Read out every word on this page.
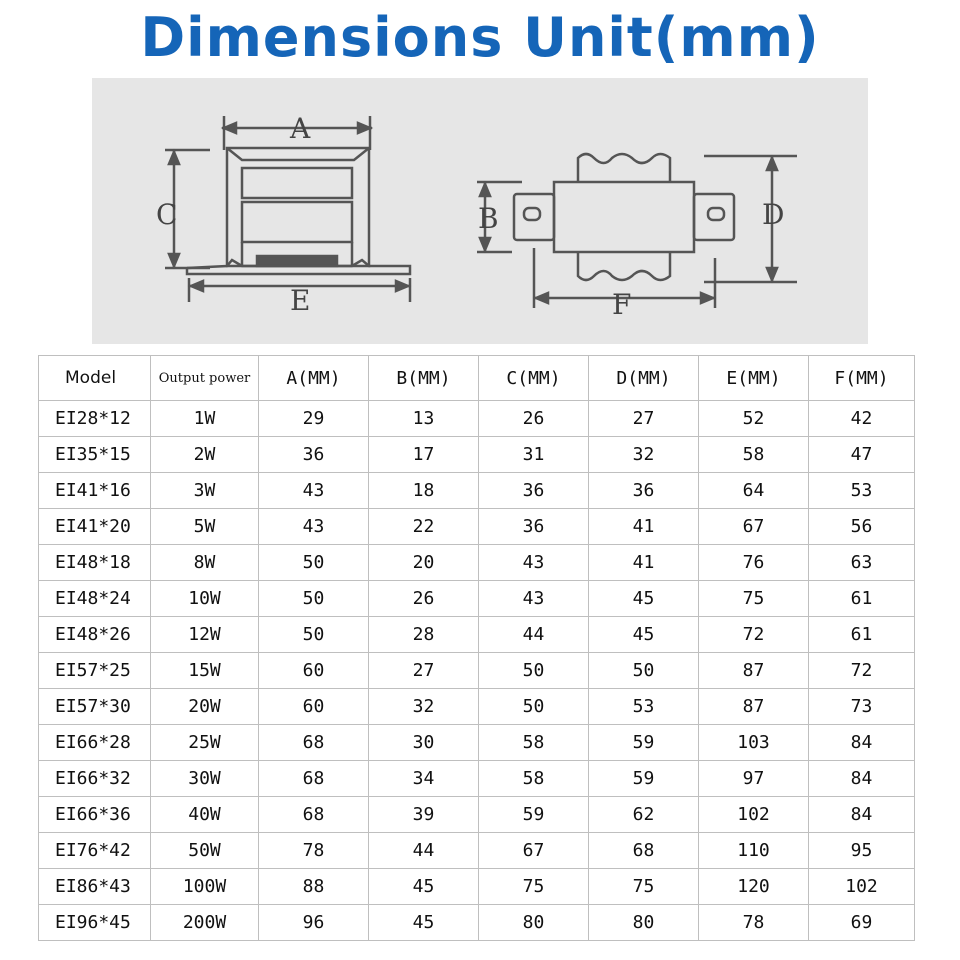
Dimensions Unit(mm)
A
C
E
B	D
F
Model	Output power	A(MM)	B(MM)	C(MM)	D(MM)	E(MM)	F(MM)
EI28*12	1W	29	13	26	27	52	42
EI35*15	2W	36	17	31	32	58	47
EI41*16	3W	43	18	36	36	64	53
EI41*20	5W	43	22	36	41	67	56
EI48*18	8W	50	20	43	41	76	63
EI48*24	10W	50	26	43	45	75	61
EI48*26	12W	50	28	44	45	72	61
EI57*25	15W	60	27	50	50	87	72
EI57*30	20W	60	32	50	53	87	73
EI66*28	25W	68	30	58	59	103	84
EI66*32	30W	68	34	58	59	97	84
EI66*36	40W	68	39	59	62	102	84
EI76*42	50W	78	44	67	68	110	95
EI86*43	100W	88	45	75	75	120	102
EI96*45	200W	96	45	80	80	78	69
